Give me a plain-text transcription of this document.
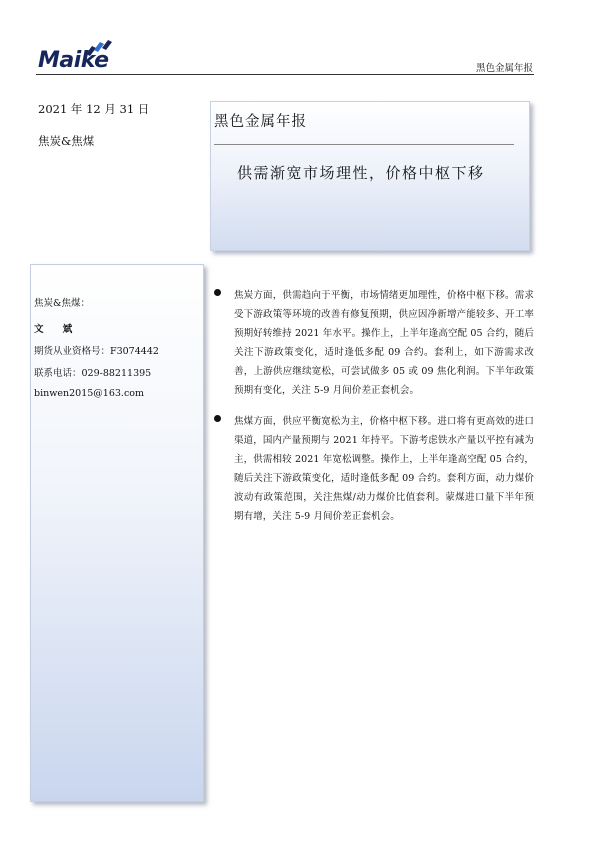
Maike	黑色金属年报
2021 年 12 月 31 日
焦炭&焦煤
黑色金属年报
供需渐宽市场理性，价格中枢下移
焦炭&焦煤：
文 斌
期货从业资格号：F3074442
联系电话：029-88211395
binwen2015@163.com
焦炭方面，供需趋向于平衡，市场情绪更加理性，价格中枢下移。需求受下游政策等环境的改善有修复预期，供应因净新增产能较多、开工率预期好转维持 2021 年水平。操作上，上半年逢高空配 05 合约，随后关注下游政策变化，适时逢低多配 09 合约。套利上，如下游需求改善，上游供应继续宽松，可尝试做多 05 或 09 焦化利润。下半年政策预期有变化，关注 5-9 月间价差正套机会。
焦煤方面，供应平衡宽松为主，价格中枢下移。进口将有更高效的进口渠道，国内产量预期与 2021 年持平。下游考虑铁水产量以平控有减为主，供需相较 2021 年宽松调整。操作上，上半年逢高空配 05 合约，随后关注下游政策变化，适时逢低多配 09 合约。套利方面，动力煤价波动有政策范围，关注焦煤/动力煤价比值套利。蒙煤进口量下半年预期有增，关注 5-9 月间价差正套机会。
